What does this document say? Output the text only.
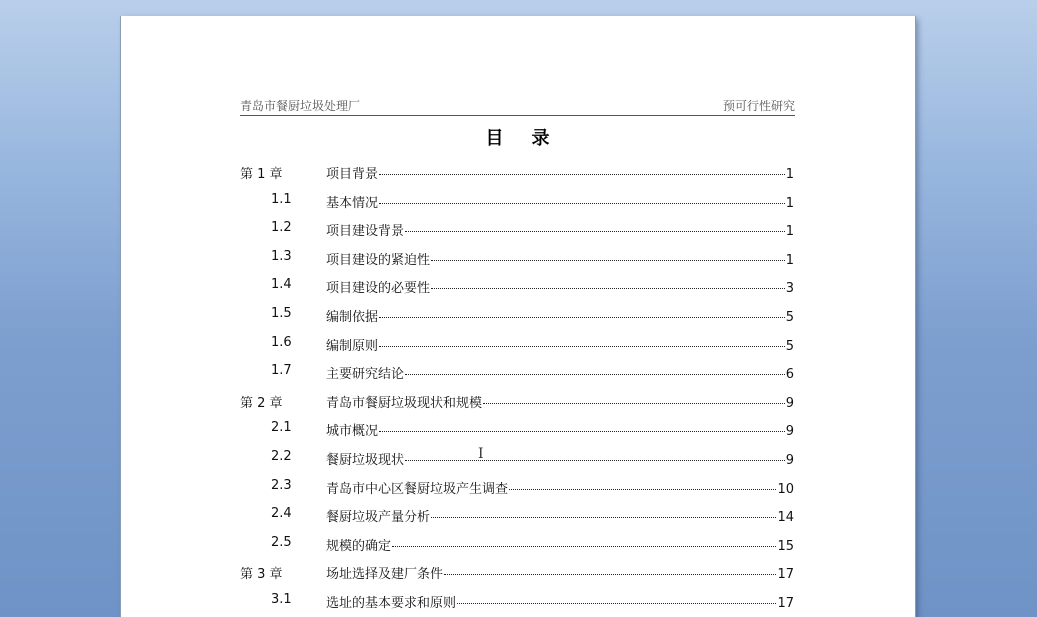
青岛市餐厨垃圾处理厂	预可行性研究
目录
第 1 章	项目背景	1
1.1	基本情况	1
1.2	项目建设背景	1
1.3	项目建设的紧迫性	1
1.4	项目建设的必要性	3
1.5	编制依据	5
1.6	编制原则	5
1.7	主要研究结论	6
第 2 章	青岛市餐厨垃圾现状和规模	9
2.1	城市概况	9
2.2	餐厨垃圾现状	9
2.3	青岛市中心区餐厨垃圾产生调查	10
2.4	餐厨垃圾产量分析	14
2.5	规模的确定	15
第 3 章	场址选择及建厂条件	17
3.1	选址的基本要求和原则	17
I
